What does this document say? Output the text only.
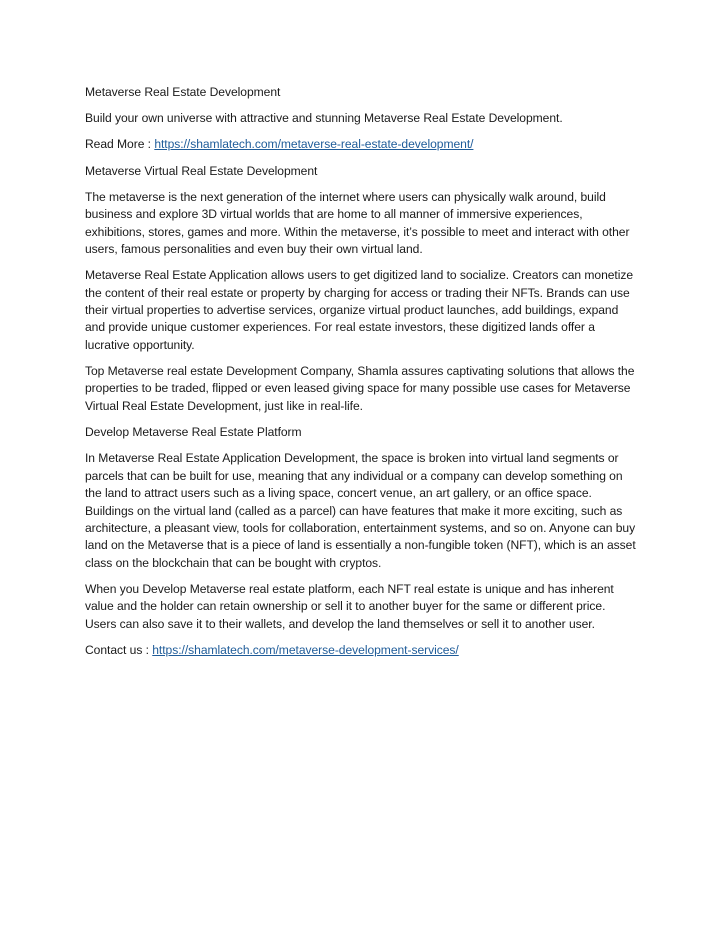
Metaverse Real Estate Development

Build your own universe with attractive and stunning Metaverse Real Estate Development.

Read More : https://shamlatech.com/metaverse-real-estate-development/

Metaverse Virtual Real Estate Development

The metaverse is the next generation of the internet where users can physically walk around, build business and explore 3D virtual worlds that are home to all manner of immersive experiences, exhibitions, stores, games and more. Within the metaverse, it’s possible to meet and interact with other users, famous personalities and even buy their own virtual land.

Metaverse Real Estate Application allows users to get digitized land to socialize. Creators can monetize the content of their real estate or property by charging for access or trading their NFTs. Brands can use their virtual properties to advertise services, organize virtual product launches, add buildings, expand and provide unique customer experiences. For real estate investors, these digitized lands offer a lucrative opportunity.

Top Metaverse real estate Development Company, Shamla assures captivating solutions that allows the properties to be traded, flipped or even leased giving space for many possible use cases for Metaverse Virtual Real Estate Development, just like in real-life.

Develop Metaverse Real Estate Platform

In Metaverse Real Estate Application Development, the space is broken into virtual land segments or parcels that can be built for use, meaning that any individual or a company can develop something on the land to attract users such as a living space, concert venue, an art gallery, or an office space. Buildings on the virtual land (called as a parcel) can have features that make it more exciting, such as architecture, a pleasant view, tools for collaboration, entertainment systems, and so on. Anyone can buy land on the Metaverse that is a piece of land is essentially a non-fungible token (NFT), which is an asset class on the blockchain that can be bought with cryptos.

When you Develop Metaverse real estate platform, each NFT real estate is unique and has inherent value and the holder can retain ownership or sell it to another buyer for the same or different price. Users can also save it to their wallets, and develop the land themselves or sell it to another user.

Contact us : https://shamlatech.com/metaverse-development-services/
